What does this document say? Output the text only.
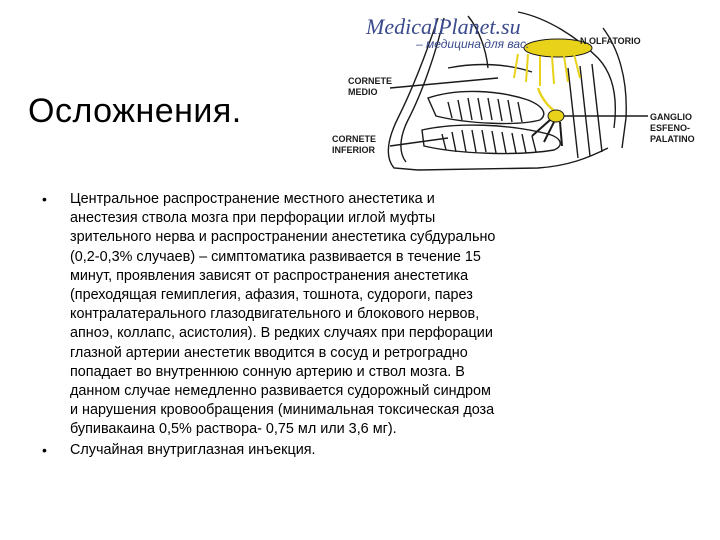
Осложнения.
MedicalPlanet.su
– медицина для вас.	N.OLFATORIO
CORNETE
MEDIO
CORNETE
INFERIOR
GANGLIO
ESFENO-
PALATINO
• Центральное распространение местного анестетика и
анестезия ствола мозга при перфорации иглой муфты
зрительного нерва и распространении анестетика субдурально
(0,2-0,3% случаев) – симптоматика развивается в течение 15
минут, проявления зависят от распространения анестетика
(преходящая гемиплегия, афазия, тошнота, судороги, парез
контралатерального глазодвигательного и блокового нервов,
апноэ, коллапс, асистолия). В редких случаях при перфорации
глазной артерии анестетик вводится в сосуд и ретроградно
попадает во внутреннюю сонную артерию и ствол мозга. В
данном случае немедленно развивается судорожный синдром
и нарушения кровообращения (минимальная токсическая доза
бупивакаина 0,5% раствора- 0,75 мл или 3,6 мг).
• Случайная внутриглазная инъекция.
